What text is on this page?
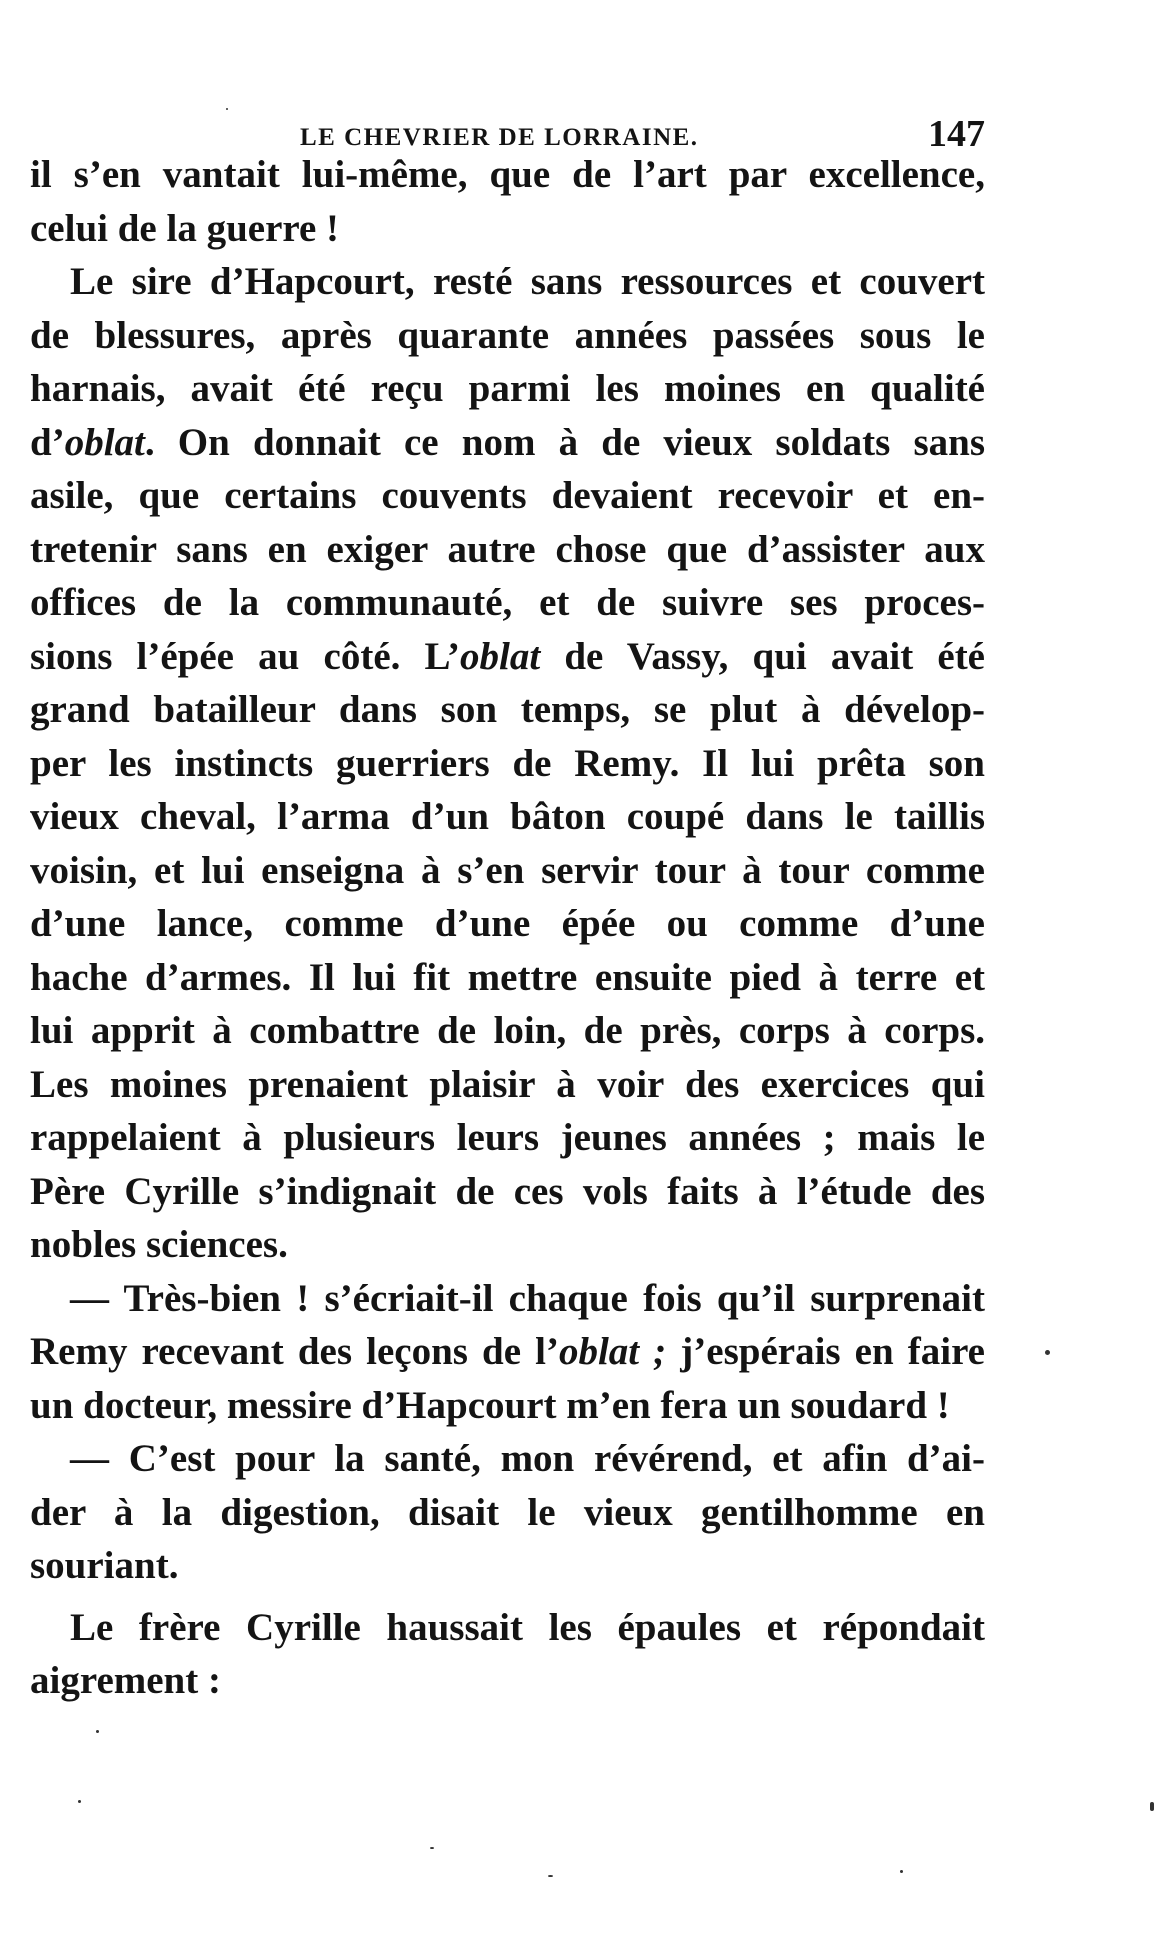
LE CHEVRIER DE LORRAINE.	147
il s’en vantait lui-même, que de l’art par excellence,
celui de la guerre !
Le sire d’Hapcourt, resté sans ressources et couvert
de blessures, après quarante années passées sous le
harnais, avait été reçu parmi les moines en qualité
d’oblat. On donnait ce nom à de vieux soldats sans
asile, que certains couvents devaient recevoir et en-
tretenir sans en exiger autre chose que d’assister aux
offices de la communauté, et de suivre ses proces-
sions l’épée au côté. L’oblat de Vassy, qui avait été
grand batailleur dans son temps, se plut à dévelop-
per les instincts guerriers de Remy. Il lui prêta son
vieux cheval, l’arma d’un bâton coupé dans le taillis
voisin, et lui enseigna à s’en servir tour à tour comme
d’une lance, comme d’une épée ou comme d’une
hache d’armes. Il lui fit mettre ensuite pied à terre et
lui apprit à combattre de loin, de près, corps à corps.
Les moines prenaient plaisir à voir des exercices qui
rappelaient à plusieurs leurs jeunes années ; mais le
Père Cyrille s’indignait de ces vols faits à l’étude des
nobles sciences.
— Très-bien ! s’écriait-il chaque fois qu’il surprenait
Remy recevant des leçons de l’oblat ; j’espérais en faire
un docteur, messire d’Hapcourt m’en fera un soudard !
— C’est pour la santé, mon révérend, et afin d’ai-
der à la digestion, disait le vieux gentilhomme en
souriant.
Le frère Cyrille haussait les épaules et répondait
aigrement :
